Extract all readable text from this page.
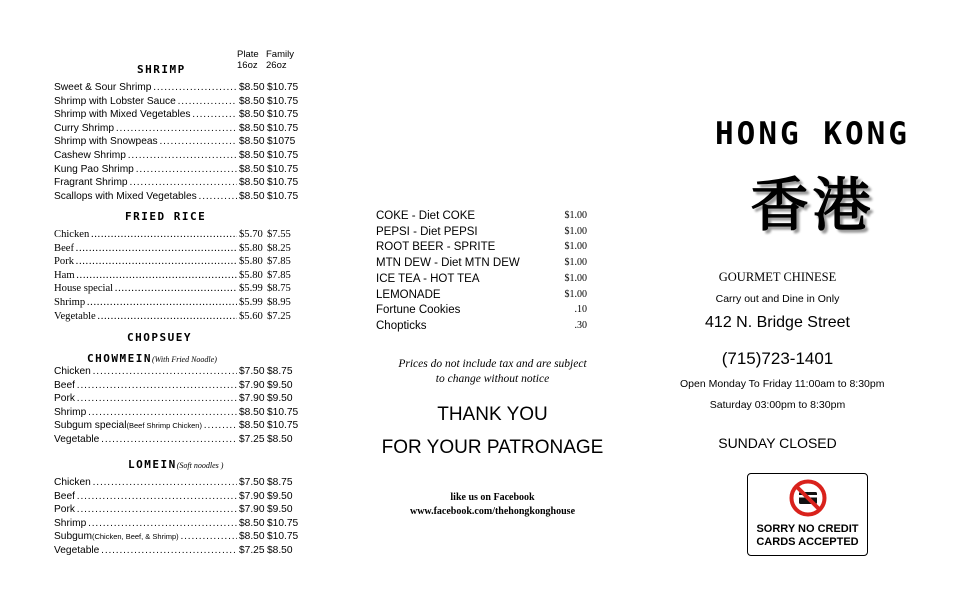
Plate
16oz
Family
26oz
SHRIMP
Sweet & Sour Shrimp . . .	$8.50 $10.75
Shrimp with Lobster Sauce . . .	$8.50 $10.75
Shrimp with Mixed Vegetables . . .	$8.50 $10.75
Curry Shrimp . . .	$8.50 $10.75
Shrimp with Snowpeas . . .	$8.50 $1075
Cashew Shrimp . . .	$8.50 $10.75
Kung Pao Shrimp . . .	$8.50 $10.75
Fragrant Shrimp . . .	$8.50 $10.75
Scallops with Mixed Vegetables . . .	$8.50 $10.75
FRIED RICE
Chicken . . .	$5.70 $7.55
Beef . . .	$5.80 $8.25
Pork . . .	$5.80 $7.85
Ham . . .	$5.80 $7.85
House special . . .	$5.99 $8.75
Shrimp . . .	$5.99 $8.95
Vegetable . . .	$5.60 $7.25
CHOPSUEY
CHOWMEIN(With Fried Noodle)
Chicken . . .	$7.50 $8.75
Beef . . .	$7.90 $9.50
Pork . . .	$7.90 $9.50
Shrimp . . .	$8.50 $10.75
Subgum special(Beef Shrimp Chicken) . . .	$8.50 $10.75
Vegetable . . .	$7.25 $8.50
LOMEIN(Soft noodles )
Chicken . . .	$7.50 $8.75
Beef . . .	$7.90 $9.50
Pork . . .	$7.90 $9.50
Shrimp . . .	$8.50 $10.75
Subgum(Chicken, Beef, & Shrimp) . . .	$8.50 $10.75
Vegetable . . .	$7.25 $8.50
COKE - Diet COKE	$1.00
PEPSI - Diet PEPSI	$1.00
ROOT BEER - SPRITE	$1.00
MTN DEW - Diet MTN DEW	$1.00
ICE TEA - HOT TEA	$1.00
LEMONADE	$1.00
Fortune Cookies	.10
Chopticks	.30
Prices do not include tax and are subject
to change without notice
THANK YOU
FOR YOUR PATRONAGE
like us on Facebook
www.facebook.com/thehongkonghouse
HONG KONG
香港
GOURMET CHINESE
Carry out and Dine in Only
412 N. Bridge Street
(715)723-1401
Open Monday To Friday 11:00am to 8:30pm
Saturday 03:00pm to 8:30pm
SUNDAY CLOSED
SORRY NO CREDIT
CARDS ACCEPTED
